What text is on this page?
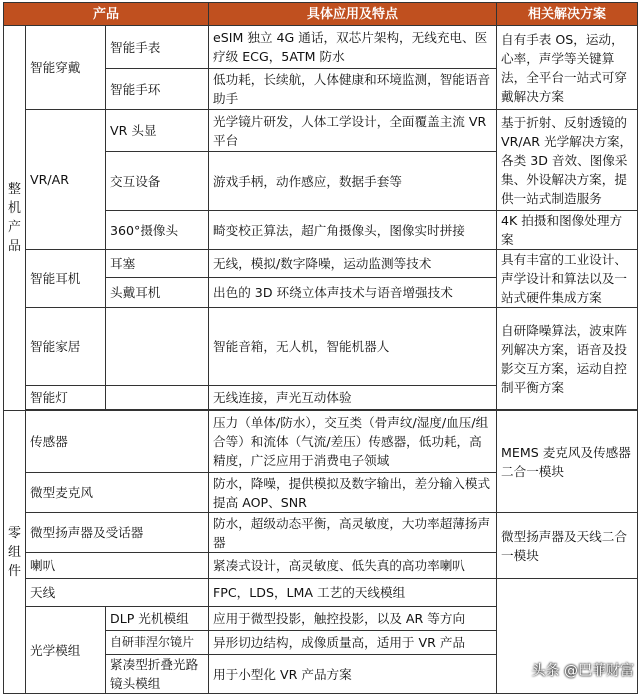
产品			具体应用及特点	相关解决方案
整机产品	智能穿戴	智能手表	eSIM 独立 4G 通话，双芯片架构，无线充电、医疗级 ECG，5ATM 防水	自有手表 OS，运动，心率，声学等关键算法，全平台一站式可穿戴解决方案
		智能手环	低功耗，长续航，人体健康和环境监测，智能语音助手	
	VR/AR	VR 头显	光学镜片研发，人体工学设计，全面覆盖主流 VR 平台	基于折射、反射透镜的 VR/AR 光学解决方案，各类 3D 音效、图像采集、外设解决方案，提供一站式制造服务
		交互设备	游戏手柄，动作感应，数据手套等	
		360°摄像头	畸变校正算法，超广角摄像头，图像实时拼接	4K 拍摄和图像处理方案
	智能耳机	耳塞	无线，模拟/数字降噪，运动监测等技术	具有丰富的工业设计、声学设计和算法以及一站式硬件集成方案
		头戴耳机	出色的 3D 环绕立体声技术与语音增强技术	
	智能家居		智能音箱，无人机，智能机器人	自研降噪算法，波束阵列解决方案，语音及投影交互方案，运动自控制平衡方案
	智能灯		无线连接，声光互动体验	

零组件	传感器		压力（单体/防水），交互类（骨声纹/湿度/血压/组合等）和流体（气流/差压）传感器，低功耗，高精度，广泛应用于消费电子领域	MEMS 麦克风及传感器二合一模块
	微型麦克风		防水，降噪，提供模拟及数字输出，差分输入模式提高 AOP、SNR	
	微型扬声器及受话器		防水，超级动态平衡，高灵敏度，大功率超薄扬声器	微型扬声器及天线二合一模块
	喇叭		紧凑式设计，高灵敏度、低失真的高功率喇叭	
	天线		FPC，LDS，LMA 工艺的天线模组	
	光学模组	DLP 光机模组	应用于微型投影，触控投影，以及 AR 等方向	
		自研菲涅尔镜片	异形切边结构，成像质量高，适用于 VR 产品	
		紧凑型折叠光路镜头模组	用于小型化 VR 产品方案		头条 @巴菲财富
